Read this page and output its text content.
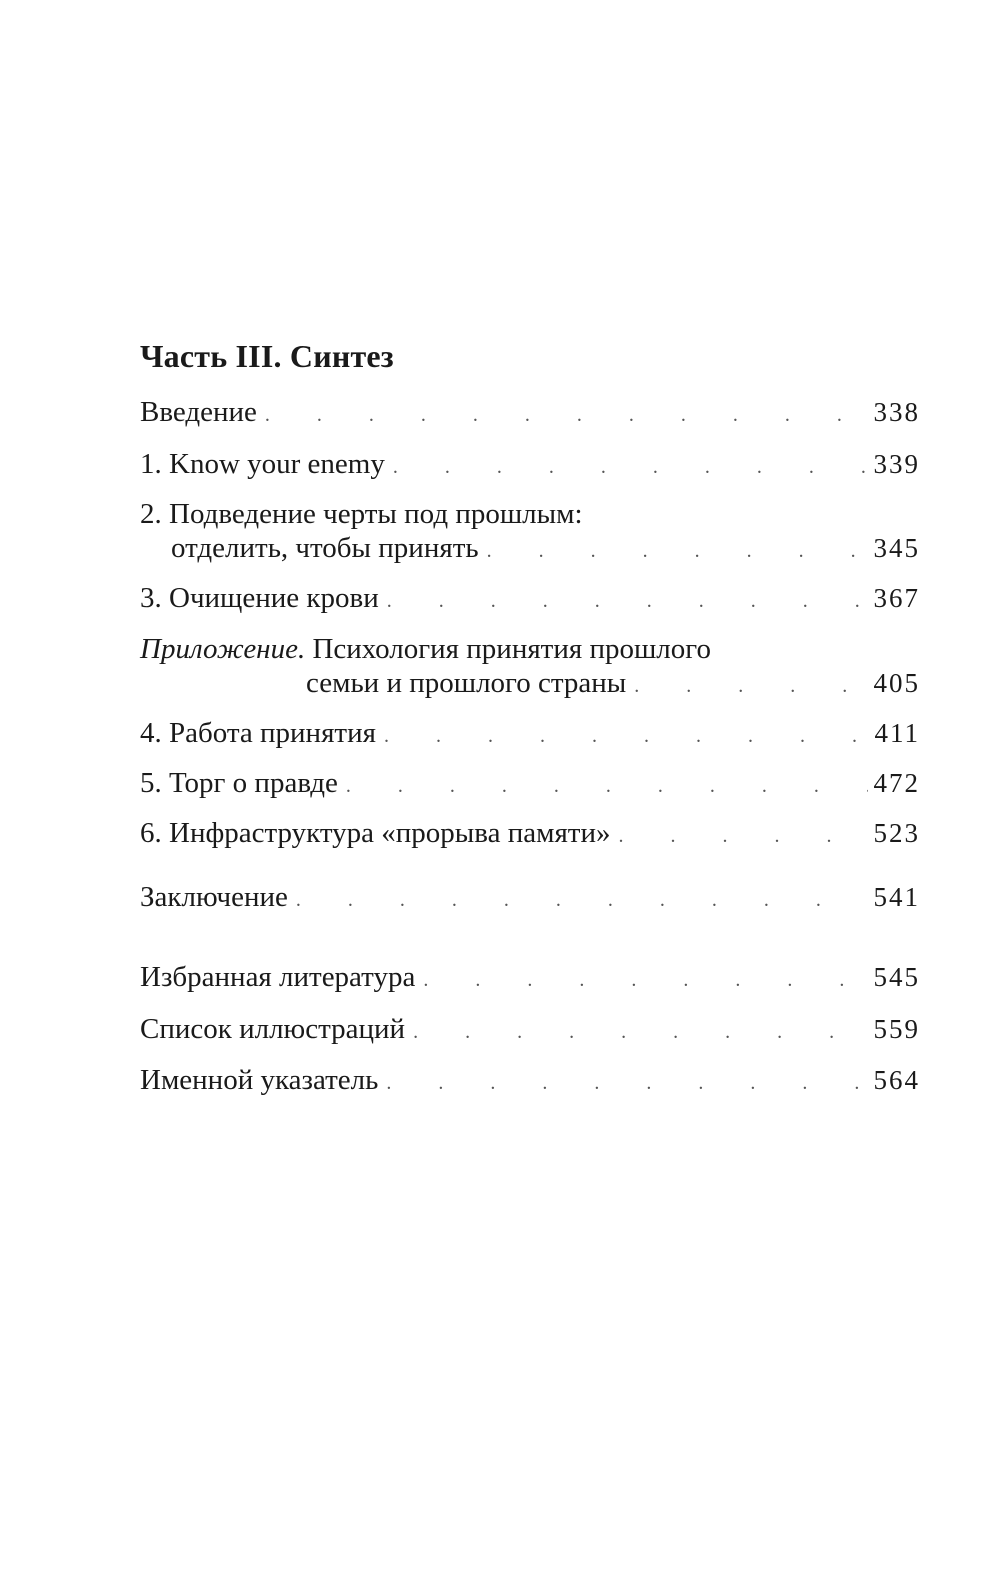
Часть III. Синтез
Введение . . .	338
1. Know your enemy . . .	339
2. Подведение черты под прошлым:
отделить, чтобы принять . . .	345
3. Очищение крови . . .	367
Приложение. Психология принятия прошлого
семьи и прошлого страны . . .	405
4. Работа принятия . . .	411
5. Торг о правде . . .	472
6. Инфраструктура «прорыва памяти» . . .	523
Заключение . . .	541
Избранная литература . . .	545
Список иллюстраций . . .	559
Именной указатель . . .	564
